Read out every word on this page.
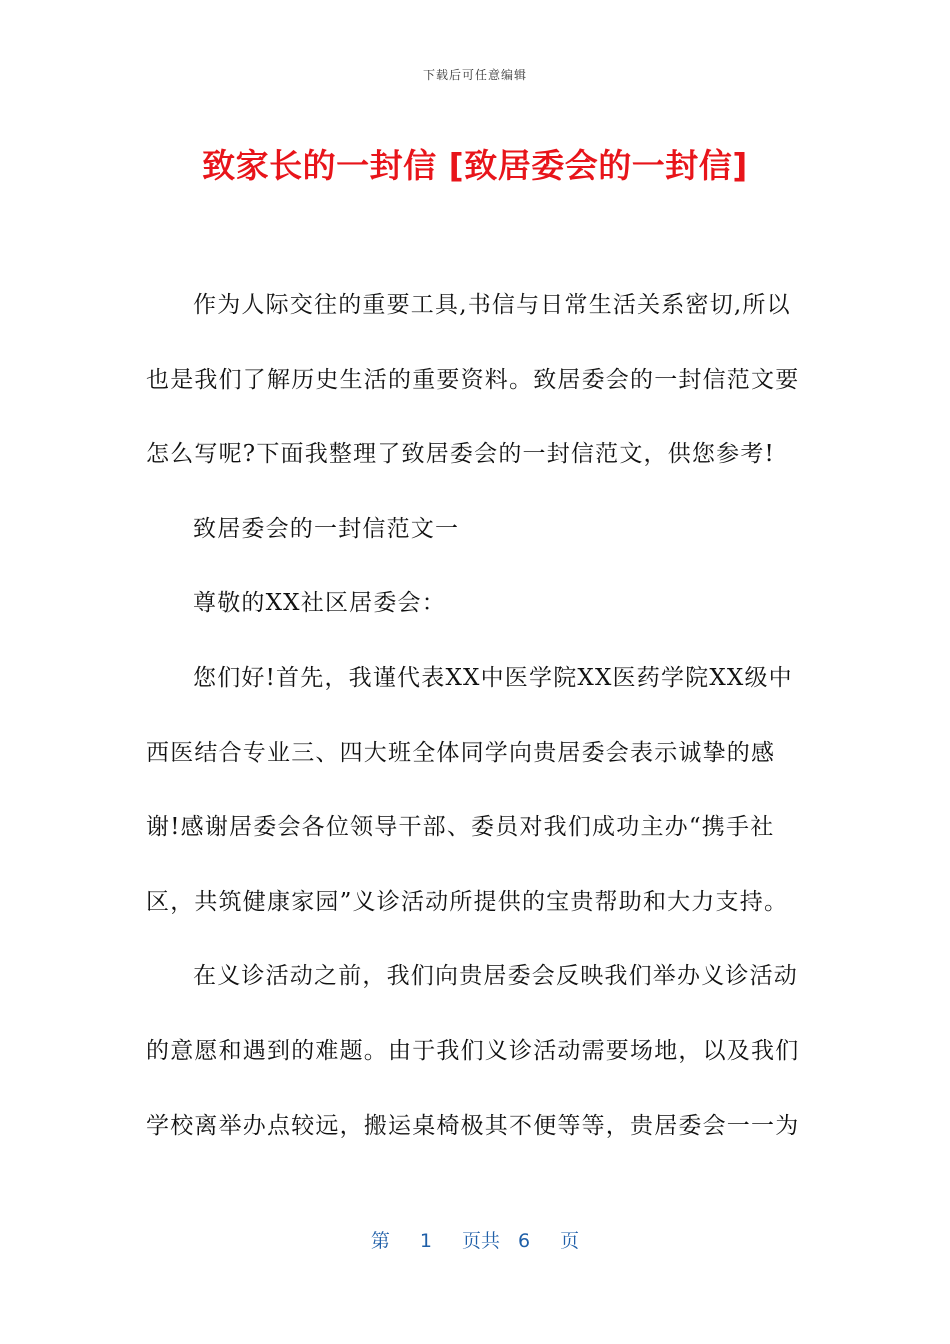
下载后可任意编辑
致家长的一封信 [致居委会的一封信]

作为人际交往的重要工具,书信与日常生活关系密切,所以也是我们了解历史生活的重要资料。致居委会的一封信范文要怎么写呢?下面我整理了致居委会的一封信范文，供您参考!

致居委会的一封信范文一

尊敬的XX社区居委会：

您们好!首先，我谨代表XX中医学院XX医药学院XX级中西医结合专业三、四大班全体同学向贵居委会表示诚挚的感谢!感谢居委会各位领导干部、委员对我们成功主办“携手社区，共筑健康家园”义诊活动所提供的宝贵帮助和大力支持。

在义诊活动之前，我们向贵居委会反映我们举办义诊活动的意愿和遇到的难题。由于我们义诊活动需要场地，以及我们学校离举办点较远，搬运桌椅极其不便等等，贵居委会一一为

第 1 页共 6 页
